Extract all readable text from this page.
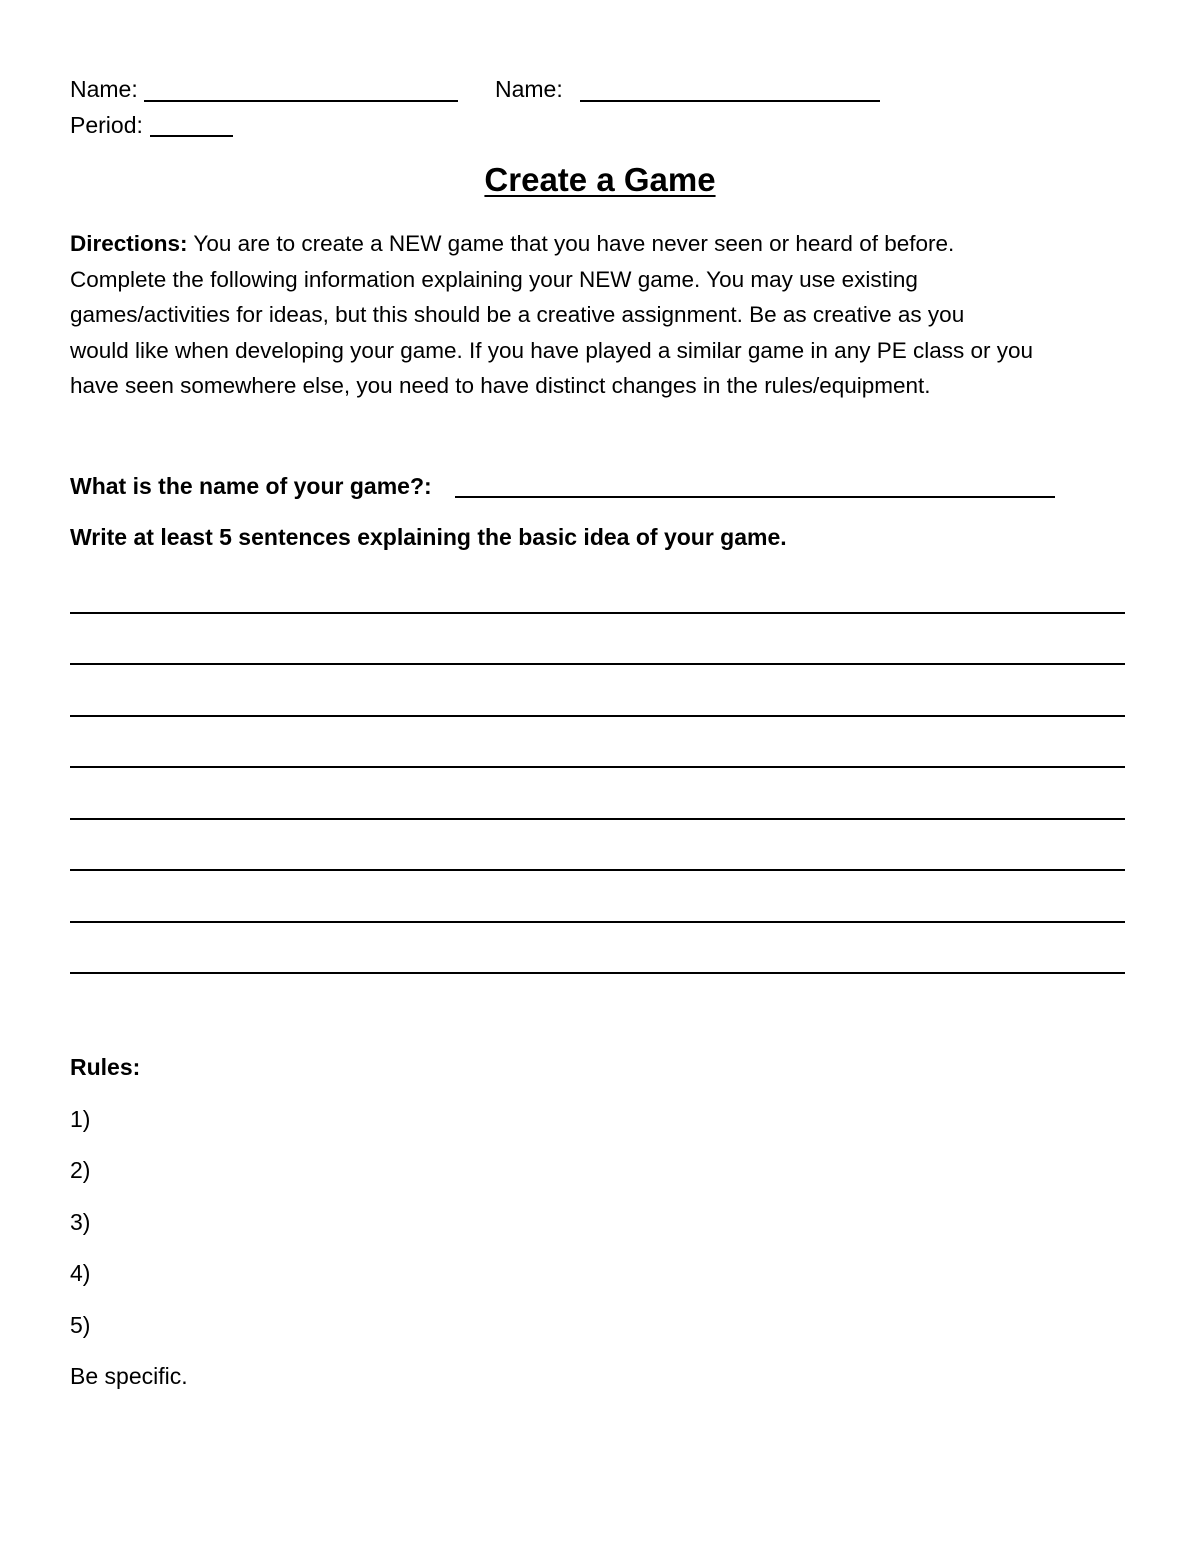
Name:	Name:
Period:
Create a Game

Directions: You are to create a NEW game that you have never seen or heard of before.
Complete the following information explaining your NEW game. You may use existing
games/activities for ideas, but this should be a creative assignment. Be as creative as you
would like when developing your game. If you have played a similar game in any PE class or you
have seen somewhere else, you need to have distinct changes in the rules/equipment.

What is the name of your game?:
Write at least 5 sentences explaining the basic idea of your game.
Rules:
1)
2)
3)
4)
5)
Be specific.
